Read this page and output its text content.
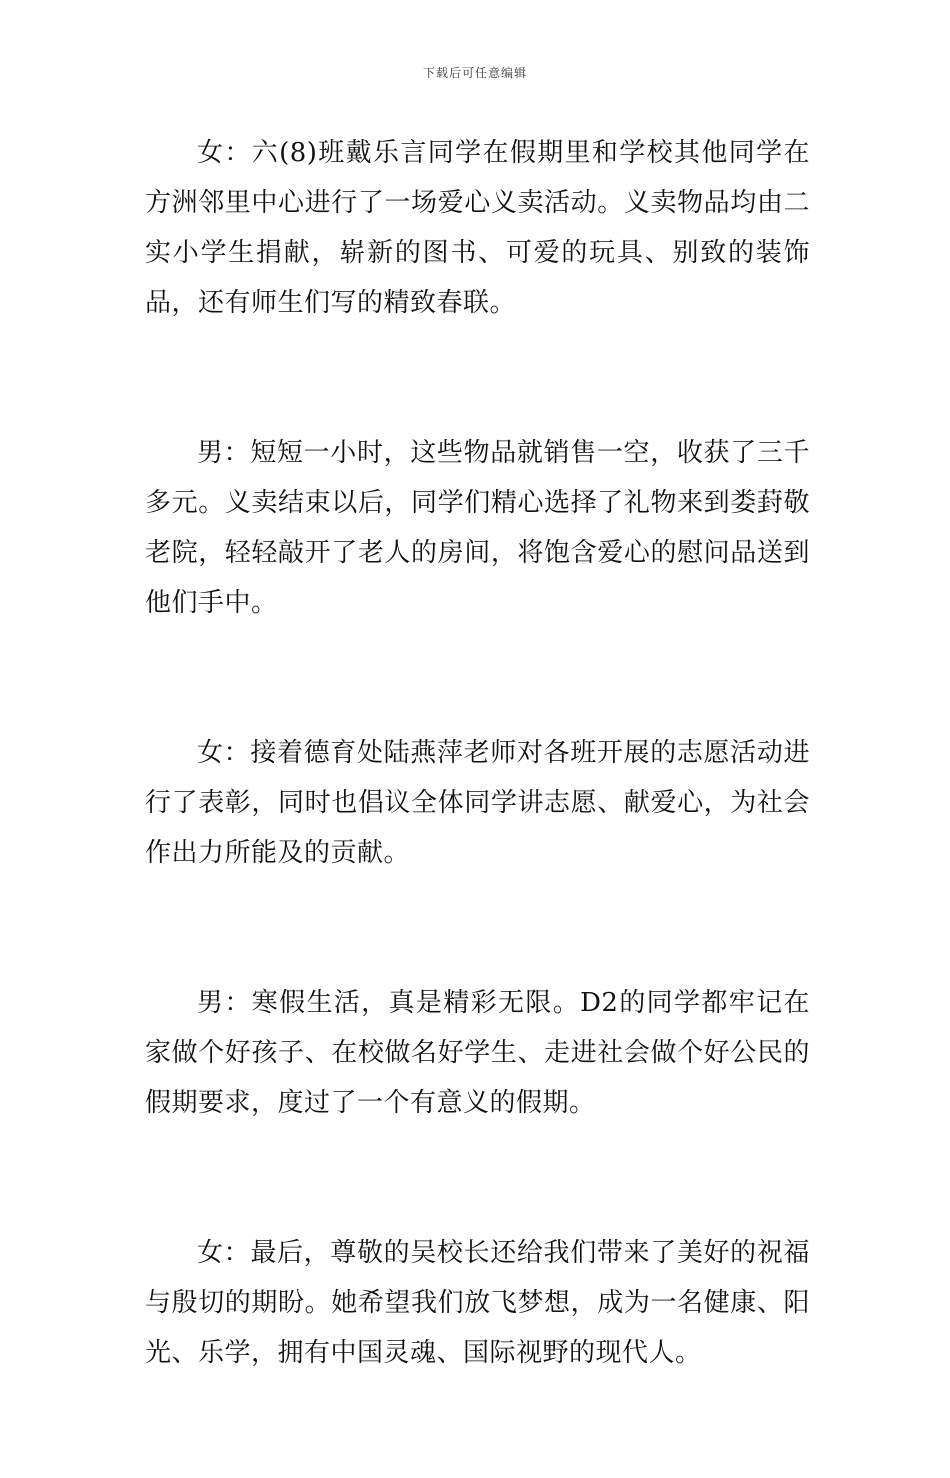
下载后可任意编辑

女：六(8)班戴乐言同学在假期里和学校其他同学在方洲邻里中心进行了一场爱心义卖活动。义卖物品均由二实小学生捐献，崭新的图书、可爱的玩具、别致的装饰品，还有师生们写的精致春联。

男：短短一小时，这些物品就销售一空，收获了三千多元。义卖结束以后，同学们精心选择了礼物来到娄葑敬老院，轻轻敲开了老人的房间，将饱含爱心的慰问品送到他们手中。

女：接着德育处陆燕萍老师对各班开展的志愿活动进行了表彰，同时也倡议全体同学讲志愿、献爱心，为社会作出力所能及的贡献。

男：寒假生活，真是精彩无限。D2的同学都牢记在家做个好孩子、在校做名好学生、走进社会做个好公民的假期要求，度过了一个有意义的假期。

女：最后，尊敬的吴校长还给我们带来了美好的祝福与殷切的期盼。她希望我们放飞梦想，成为一名健康、阳光、乐学，拥有中国灵魂、国际视野的现代人。
